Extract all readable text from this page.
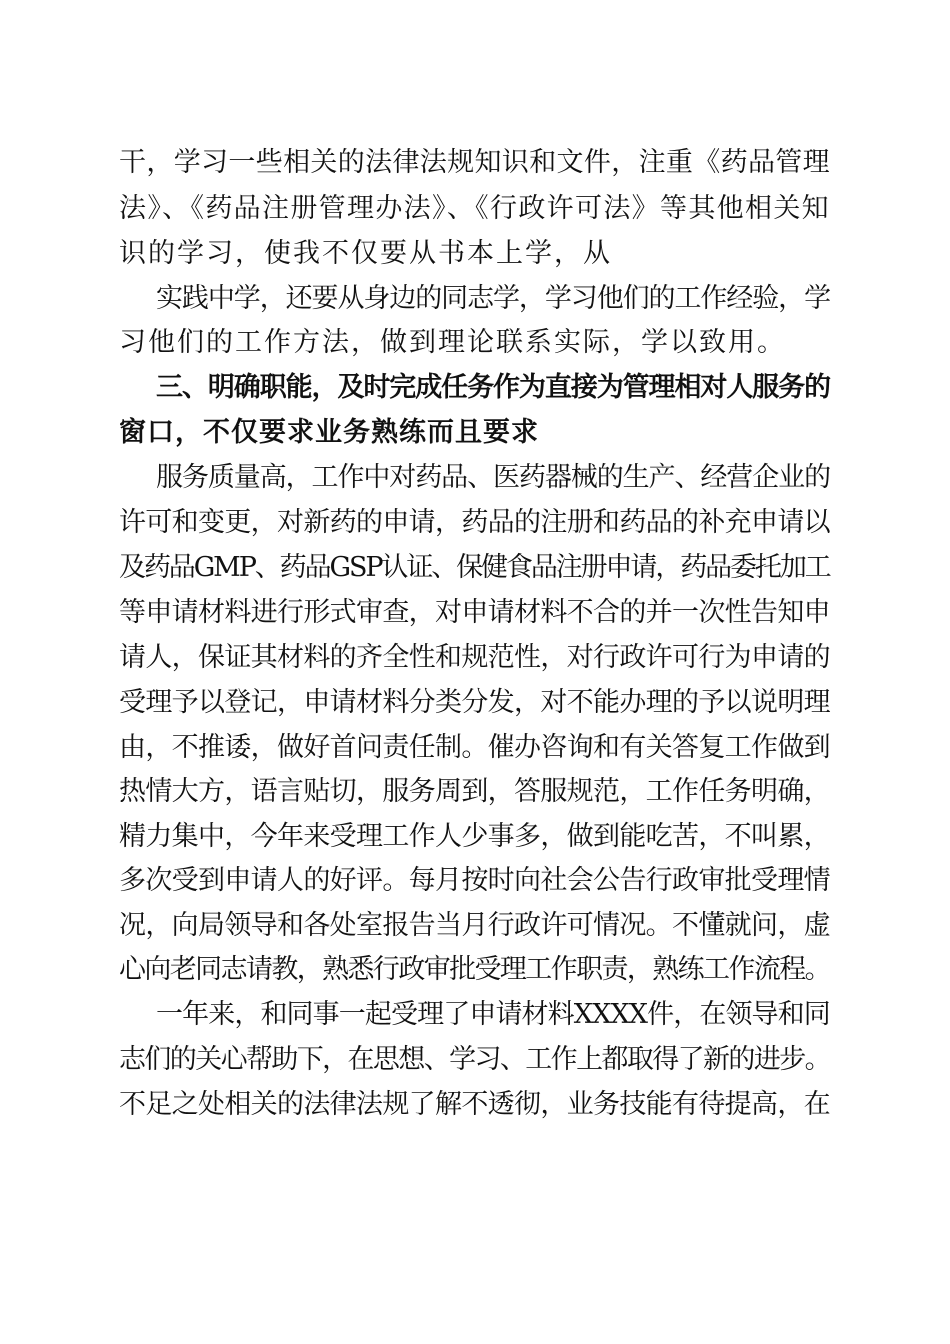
干，学习一些相关的法律法规知识和文件，注重《药品管理
法》、《药品注册管理办法》、《行政许可法》等其他相关知
识的学习，使我不仅要从书本上学，从
实践中学，还要从身边的同志学，学习他们的工作经验，学
习他们的工作方法，做到理论联系实际，学以致用。
三、明确职能，及时完成任务作为直接为管理相对人服务的
窗口，不仅要求业务熟练而且要求
服务质量高，工作中对药品、医药器械的生产、经营企业的
许可和变更，对新药的申请，药品的注册和药品的补充申请以
及药品GMP、药品GSP认证、保健食品注册申请，药品委托加工
等申请材料进行形式审查，对申请材料不合的并一次性告知申
请人，保证其材料的齐全性和规范性，对行政许可行为申请的
受理予以登记，申请材料分类分发，对不能办理的予以说明理
由，不推诿，做好首问责任制。催办咨询和有关答复工作做到
热情大方，语言贴切，服务周到，答服规范，工作任务明确，
精力集中，今年来受理工作人少事多，做到能吃苦，不叫累，
多次受到申请人的好评。每月按时向社会公告行政审批受理情
况，向局领导和各处室报告当月行政许可情况。不懂就问，虚
心向老同志请教，熟悉行政审批受理工作职责，熟练工作流程。
一年来，和同事一起受理了申请材料XXXX件，在领导和同
志们的关心帮助下，在思想、学习、工作上都取得了新的进步。
不足之处相关的法律法规了解不透彻，业务技能有待提高，在
